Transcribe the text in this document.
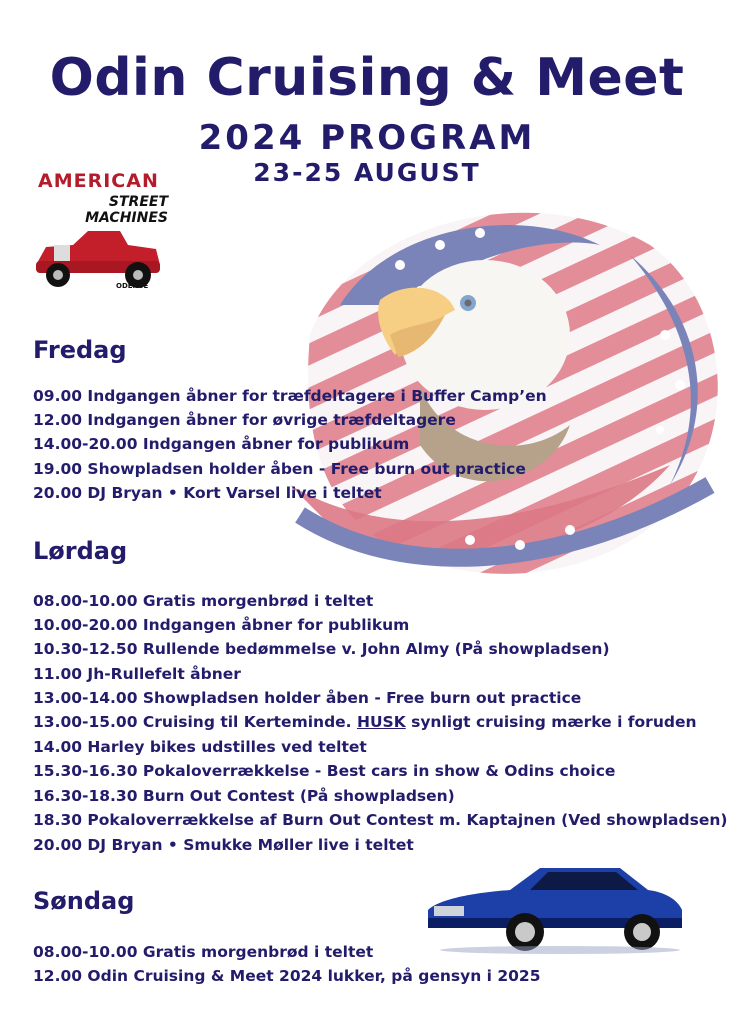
Odin Cruising & Meet
2024 PROGRAM
23-25 AUGUST
AMERICAN
STREET MACHINES
ODENSE
Fredag
09.00 Indgangen åbner for træfdeltagere i Buffer Camp’en
12.00 Indgangen åbner for øvrige træfdeltagere
14.00-20.00 Indgangen åbner for publikum
19.00 Showpladsen holder åben - Free burn out practice
20.00 DJ Bryan • Kort Varsel live i teltet
Lørdag
08.00-10.00 Gratis morgenbrød i teltet
10.00-20.00 Indgangen åbner for publikum
10.30-12.50 Rullende bedømmelse v. John Almy (På showpladsen)
11.00 Jh-Rullefelt åbner
13.00-14.00 Showpladsen holder åben - Free burn out practice
13.00-15.00 Cruising til Kerteminde. HUSK synligt cruising mærke i foruden
14.00 Harley bikes udstilles ved teltet
15.30-16.30 Pokaloverrækkelse - Best cars in show & Odins choice
16.30-18.30 Burn Out Contest (På showpladsen)
18.30 Pokaloverrækkelse af Burn Out Contest m. Kaptajnen (Ved showpladsen)
20.00 DJ Bryan • Smukke Møller live i teltet
Søndag
08.00-10.00 Gratis morgenbrød i teltet
12.00 Odin Cruising & Meet 2024 lukker, på gensyn i 2025
